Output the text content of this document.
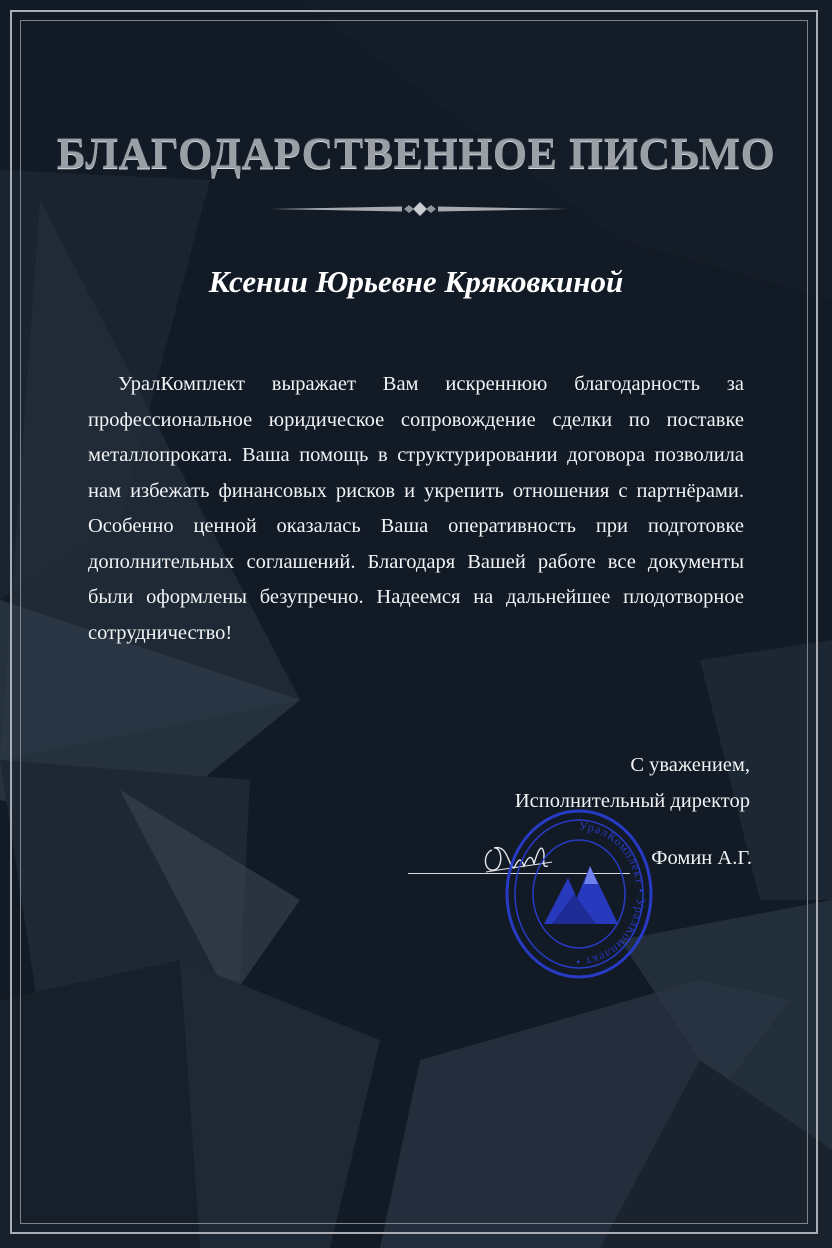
БЛАГОДАРСТВЕННОЕ ПИСЬМО
Ксении Юрьевне Кряковкиной
УралКомплект выражает Вам искреннюю благодарность за профессиональное юридическое сопровождение сделки по поставке металлопроката. Ваша помощь в структурировании договора позволила нам избежать финансовых рисков и укрепить отношения с партнёрами. Особенно ценной оказалась Ваша оперативность при подготовке дополнительных соглашений. Благодаря Вашей работе все документы были оформлены безупречно. Надеемся на дальнейшее плодотворное сотрудничество!
С уважением,
Исполнительный директор
Фомин А.Г.
УралКомплект • УралКомплект •
